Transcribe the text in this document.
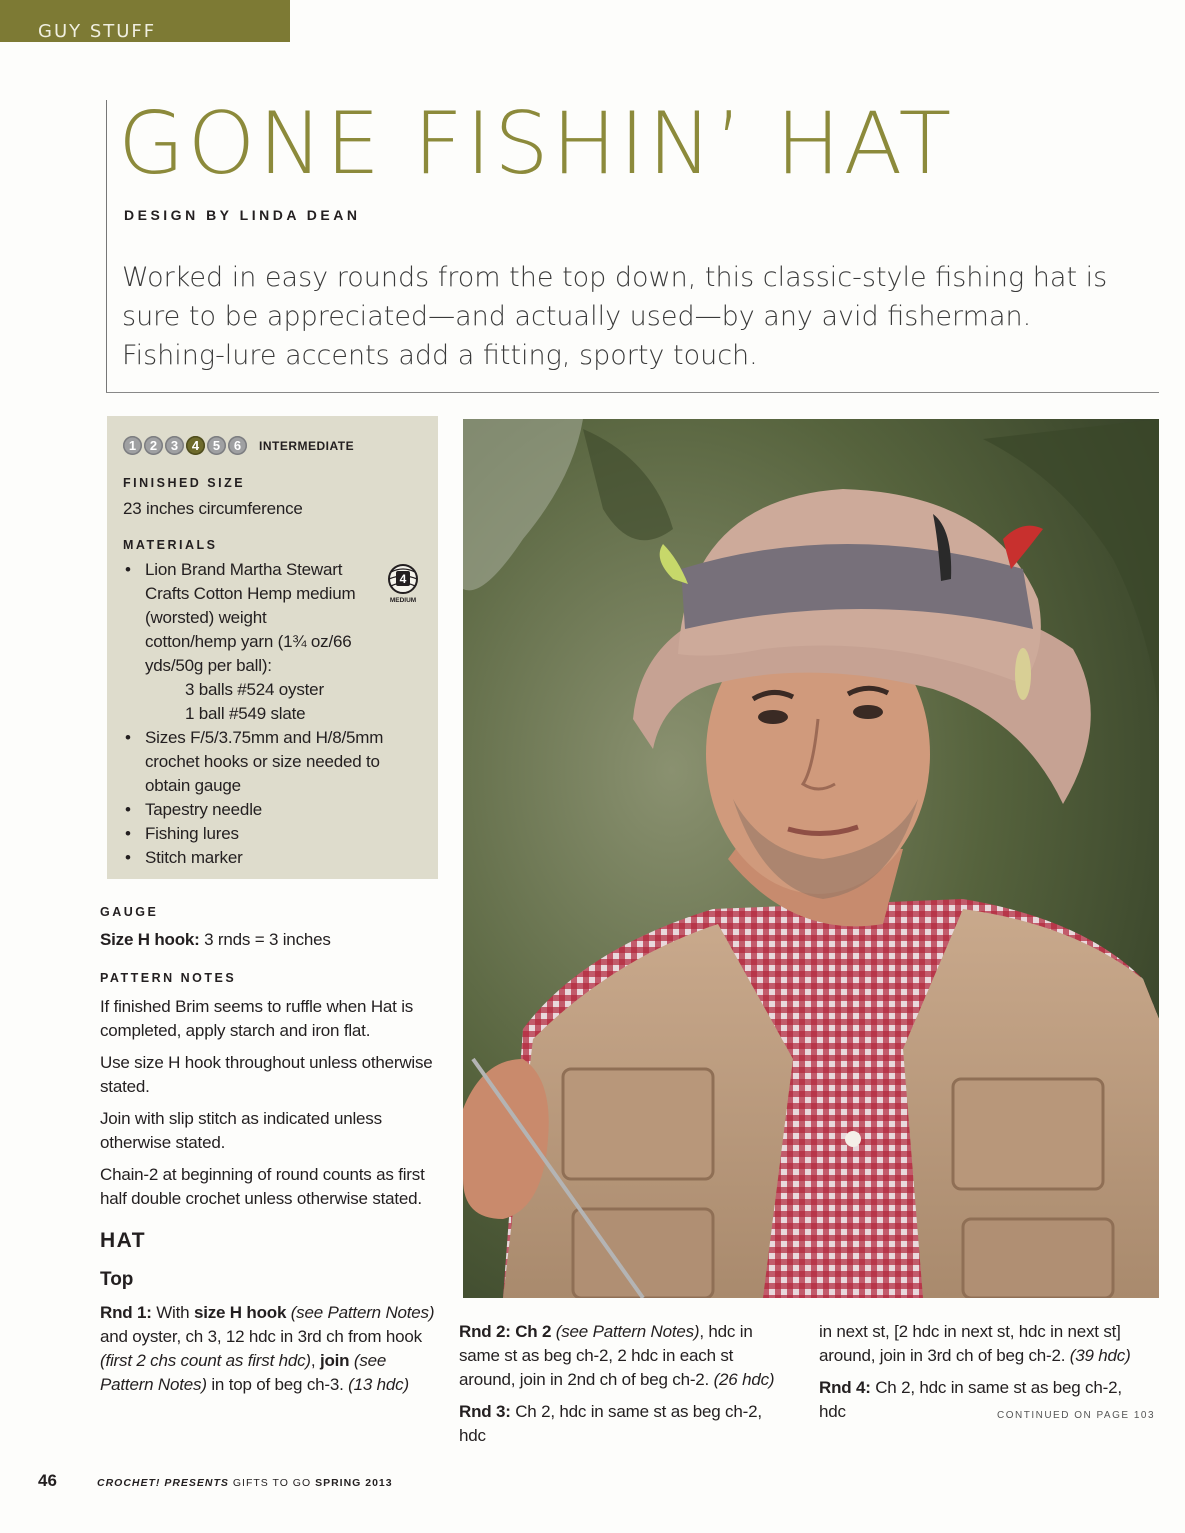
GUY STUFF
GONE FISHIN’ HAT
DESIGN BY LINDA DEAN
Worked in easy rounds from the top down, this classic-style fishing hat is sure to be appreciated—and actually used—by any avid fisherman. Fishing-lure accents add a fitting, sporty touch.
1	2	3	4	5	6	INTERMEDIATE
FINISHED SIZE
23 inches circumference
MATERIALS
• Lion Brand Martha Stewart Crafts Cotton Hemp medium (worsted) weight cotton/hemp yarn (1¾ oz/66 yds/50g per ball):
3 balls #524 oyster
1 ball #549 slate
• Sizes F/5/3.75mm and H/8/5mm crochet hooks or size needed to obtain gauge
• Tapestry needle
• Fishing lures
• Stitch marker
4
MEDIUM
GAUGE
Size H hook: 3 rnds = 3 inches
PATTERN NOTES

If finished Brim seems to ruffle when Hat is completed, apply starch and iron flat.

Use size H hook throughout unless otherwise stated.

Join with slip stitch as indicated unless otherwise stated.

Chain-2 at beginning of round counts as first half double crochet unless otherwise stated.

HAT
Top

Rnd 1: With size H hook (see Pattern Notes) and oyster, ch 3, 12 hdc in 3rd ch from hook (first 2 chs count as first hdc), join (see Pattern Notes) in top of beg ch-3. (13 hdc)

Rnd 2: Ch 2 (see Pattern Notes), hdc in same st as beg ch-2, 2 hdc in each st around, join in 2nd ch of beg ch-2. (26 hdc)

Rnd 3: Ch 2, hdc in same st as beg ch-2, hdc

in next st, [2 hdc in next st, hdc in next st] around, join in 3rd ch of beg ch-2. (39 hdc)

Rnd 4: Ch 2, hdc in same st as beg ch-2, hdc	CONTINUED ON PAGE 103
46	CROCHET! PRESENTS GIFTS TO GO SPRING 2013
